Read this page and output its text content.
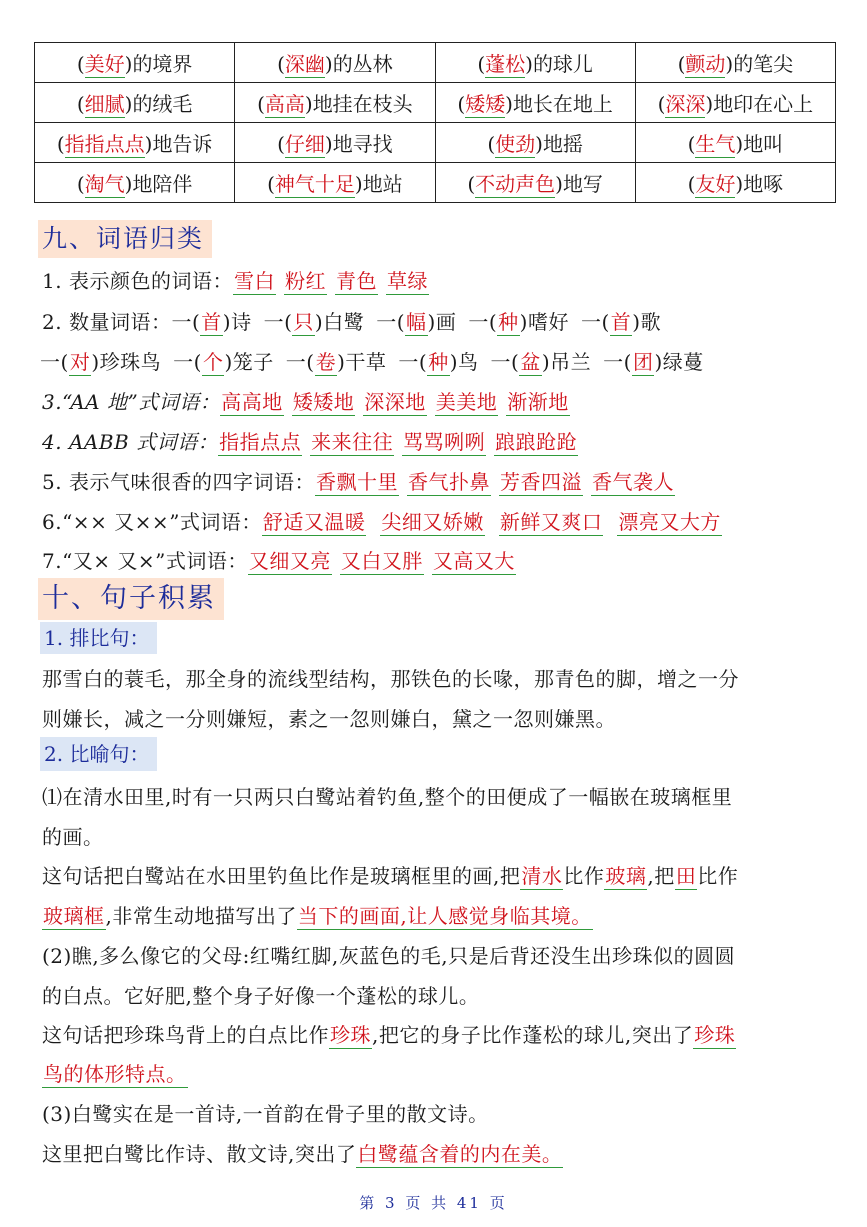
(美好)的境界	(深幽)的丛林	(蓬松)的球儿	(颤动)的笔尖
(细腻)的绒毛	(高高)地挂在枝头	(矮矮)地长在地上	(深深)地印在心上
(指指点点)地告诉	(仔细)地寻找	(使劲)地摇	(生气)地叫
(淘气)地陪伴	(神气十足)地站	(不动声色)地写	(友好)地啄
九、词语归类
1. 表示颜色的词语：雪白 粉红 青色 草绿
2. 数量词语：一(首)诗 一(只)白鹭 一(幅)画 一(种)嗜好 一(首)歌
一(对)珍珠鸟 一(个)笼子 一(卷)干草 一(种)鸟 一(盆)吊兰 一(团)绿蔓
3.“AA 地”式词语：高高地 矮矮地 深深地 美美地 渐渐地
4. AABB 式词语：指指点点 来来往往 骂骂咧咧 踉踉跄跄
5. 表示气味很香的四字词语：香飘十里 香气扑鼻 芳香四溢 香气袭人
6.“×× 又××”式词语：舒适又温暖 尖细又娇嫩 新鲜又爽口 漂亮又大方
7.“又× 又×”式词语：又细又亮 又白又胖 又高又大
十、句子积累
1. 排比句：
那雪白的蓑毛，那全身的流线型结构，那铁色的长喙，那青色的脚，增之一分
则嫌长，减之一分则嫌短，素之一忽则嫌白，黛之一忽则嫌黑。
2. 比喻句：
⑴在清水田里,时有一只两只白鹭站着钓鱼,整个的田便成了一幅嵌在玻璃框里
的画。
这句话把白鹭站在水田里钓鱼比作是玻璃框里的画,把清水比作玻璃,把田比作
玻璃框,非常生动地描写出了当下的画面,让人感觉身临其境。
(2)瞧,多么像它的父母:红嘴红脚,灰蓝色的毛,只是后背还没生出珍珠似的圆圆
的白点。它好肥,整个身子好像一个蓬松的球儿。
这句话把珍珠鸟背上的白点比作珍珠,把它的身子比作蓬松的球儿,突出了珍珠
鸟的体形特点。
(3)白鹭实在是一首诗,一首韵在骨子里的散文诗。
这里把白鹭比作诗、散文诗,突出了白鹭蕴含着的内在美。
第 3 页 共 41 页
